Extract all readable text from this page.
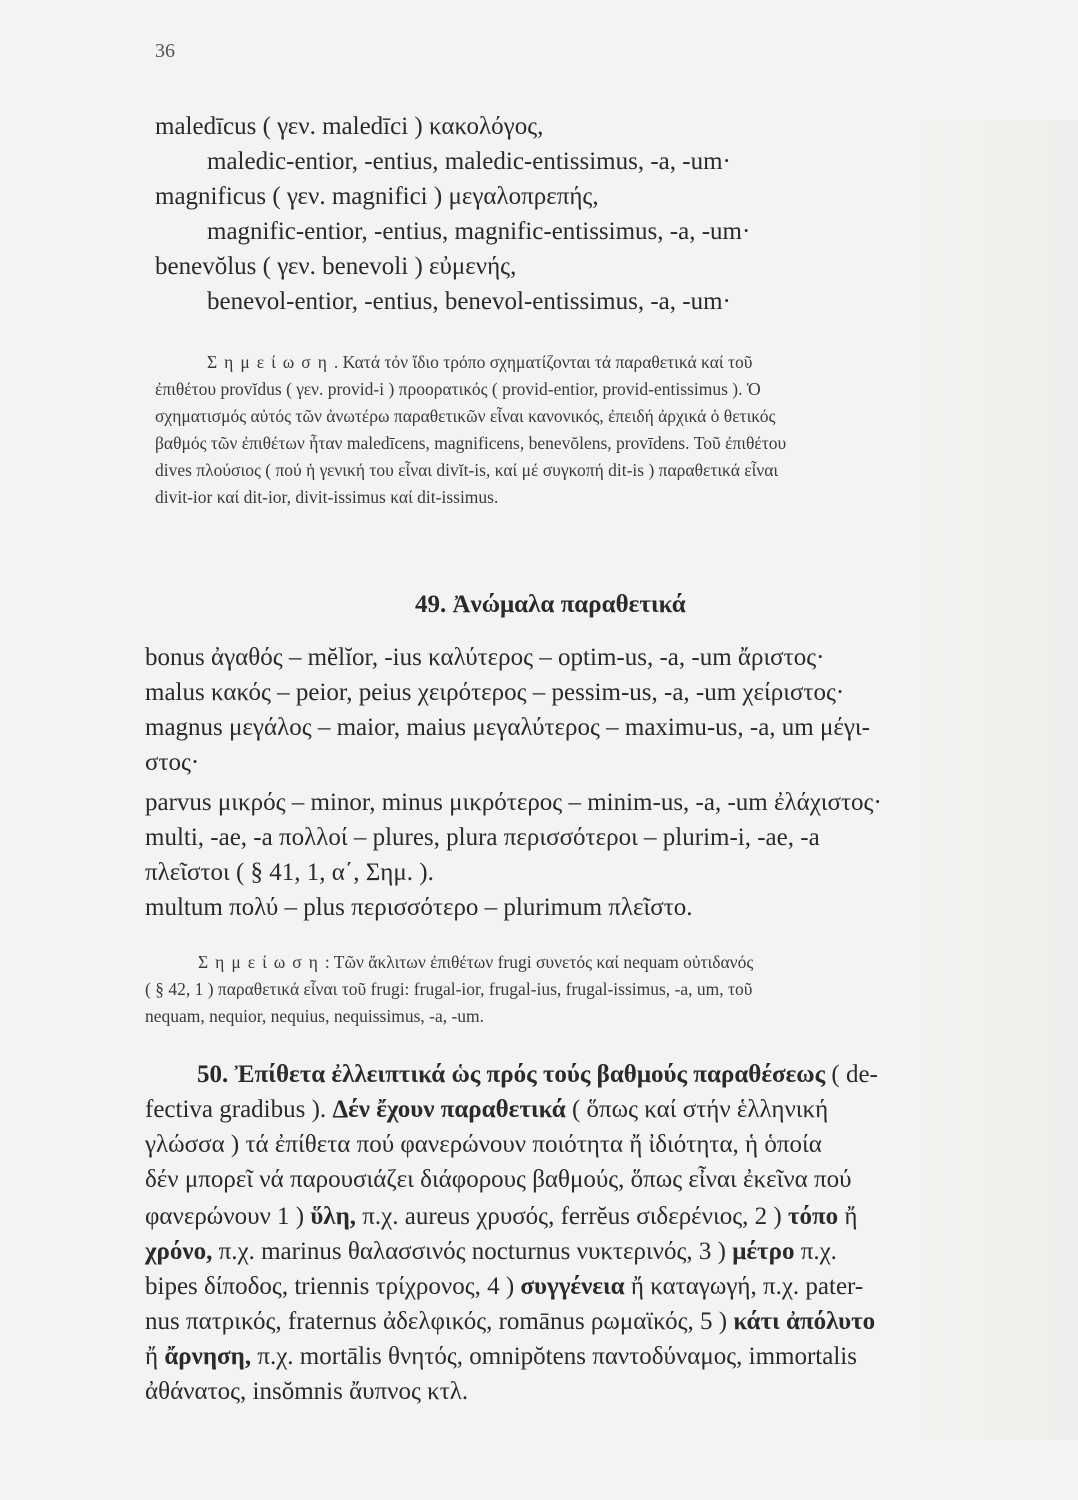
36
maledīcus ( γεν. maledīci ) κακολόγος,
maledic-entior, -entius, maledic-entissimus, -a, -um·
magnificus ( γεν. magnifici ) μεγαλοπρεπής,
magnific-entior, -entius, magnific-entissimus, -a, -um·
benevŏlus ( γεν. benevoli ) εὐμενής,
benevol-entior, -entius, benevol-entissimus, -a, -um·
Σημείωση. Κατά τόν ἴδιο τρόπο σχηματίζονται τά παραθετικά καί τοῦ
ἐπιθέτου provĭdus ( γεν. provid-i ) προορατικός ( provid-entior, provid-entissimus ). Ὁ
σχηματισμός αὐτός τῶν ἀνωτέρω παραθετικῶν εἶναι κανονικός, ἐπειδή ἀρχικά ὁ θετικός
βαθμός τῶν ἐπιθέτων ἦταν maledīcens, magnificens, benevŏlens, provīdens. Τοῦ ἐπιθέτου
dives πλούσιος ( πού ἡ γενική του εἶναι divĭt-is, καί μέ συγκοπή dit-is ) παραθετικά εἶναι
divit-ior καί dit-ior, divit-issimus καί dit-issimus.
49. Ἀνώμαλα παραθετικά
bonus ἀγαθός – mĕlĭor, -ius καλύτερος – optim-us, -a, -um ἄριστος·
malus κακός – peior, peius χειρότερος – pessim-us, -a, -um χείριστος·
magnus μεγάλος – maior, maius μεγαλύτερος – maximu-us, -a, um μέγι-
στος·
parvus μικρός – minor, minus μικρότερος – minim-us, -a, -um ἐλάχιστος·
multi, -ae, -a πολλοί – plures, plura περισσότεροι – plurim-i, -ae, -a
πλεῖστοι ( § 41, 1, α΄, Σημ. ).
multum πολύ – plus περισσότερο – plurimum πλεῖστο.
Σημείωση: Τῶν ἄκλιτων ἐπιθέτων frugi συνετός καί nequam οὐτιδανός
( § 42, 1 ) παραθετικά εἶναι τοῦ frugi: frugal-ior, frugal-ius, frugal-issimus, -a, um, τοῦ
nequam, nequior, nequius, nequissimus, -a, -um.
50. Ἐπίθετα ἐλλειπτικά ὡς πρός τούς βαθμούς παραθέσεως ( de-
fectiva gradibus ). Δέν ἔχουν παραθετικά ( ὅπως καί στήν ἑλληνική
γλώσσα ) τά ἐπίθετα πού φανερώνουν ποιότητα ἤ ἰδιότητα, ἡ ὁποία
δέν μπορεῖ νά παρουσιάζει διάφορους βαθμούς, ὅπως εἶναι ἐκεῖνα πού
φανερώνουν 1 ) ὕλη, π.χ. aureus χρυσός, ferrĕus σιδερένιος, 2 ) τόπο ἤ
χρόνο, π.χ. marinus θαλασσινός nocturnus νυκτερινός, 3 ) μέτρο π.χ.
bipes δίποδος, triennis τρίχρονος, 4 ) συγγένεια ἤ καταγωγή, π.χ. pater-
nus πατρικός, fraternus ἀδελφικός, romānus ρωμαϊκός, 5 ) κάτι ἀπόλυτο
ἤ ἄρνηση, π.χ. mortālis θνητός, omnipŏtens παντοδύναμος, immortalis
ἀθάνατος, insŏmnis ἄυπνος κτλ.
